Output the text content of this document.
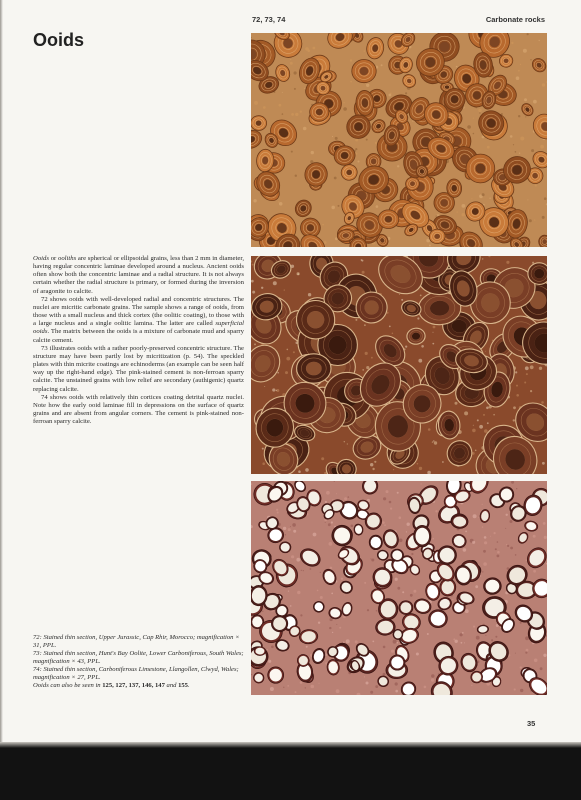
72, 73, 74	Carbonate rocks
Ooids

Ooids or ooliths are spherical or ellipsoidal grains, less than 2 mm in diameter, having regular concentric laminae developed around a nucleus. Ancient ooids often show both the concentric laminae and a radial structure. It is not always certain whether the radial structure is primary, or formed during the inversion of aragonite to calcite.

72 shows ooids with well-developed radial and concentric structures. The nuclei are micritic carbonate grains. The sample shows a range of ooids, from those with a small nucleus and thick cortex (the oolitic coating), to those with a large nucleus and a single oolitic lamina. The latter are called superficial ooids. The matrix between the ooids is a mixture of carbonate mud and sparry calcite cement.

73 illustrates ooids with a rather poorly-preserved concentric structure. The structure may have been partly lost by micritization (p. 54). The speckled plates with thin micrite coatings are echinoderms (an example can be seen half way up the right-hand edge). The pink-stained cement is non-ferroan sparry calcite. The unstained grains with low relief are secondary (authigenic) quartz replacing calcite.

74 shows ooids with relatively thin cortices coating detrital quartz nuclei. Note how the early ooid laminae fill in depressions on the surface of quartz grains and are absent from angular corners. The cement is pink-stained non-ferroan sparry calcite.

72: Stained thin section, Upper Jurassic, Cap Rhir, Morocco; magnification × 31, PPL.

73: Stained thin section, Hunt's Bay Oolite, Lower Carboniferous, South Wales; magnification × 43, PPL.

74: Stained thin section, Carboniferous Limestone, Llangollen, Clwyd, Wales; magnification × 27, PPL.

Ooids can also be seen in 125, 127, 137, 146, 147 and 155.

35
